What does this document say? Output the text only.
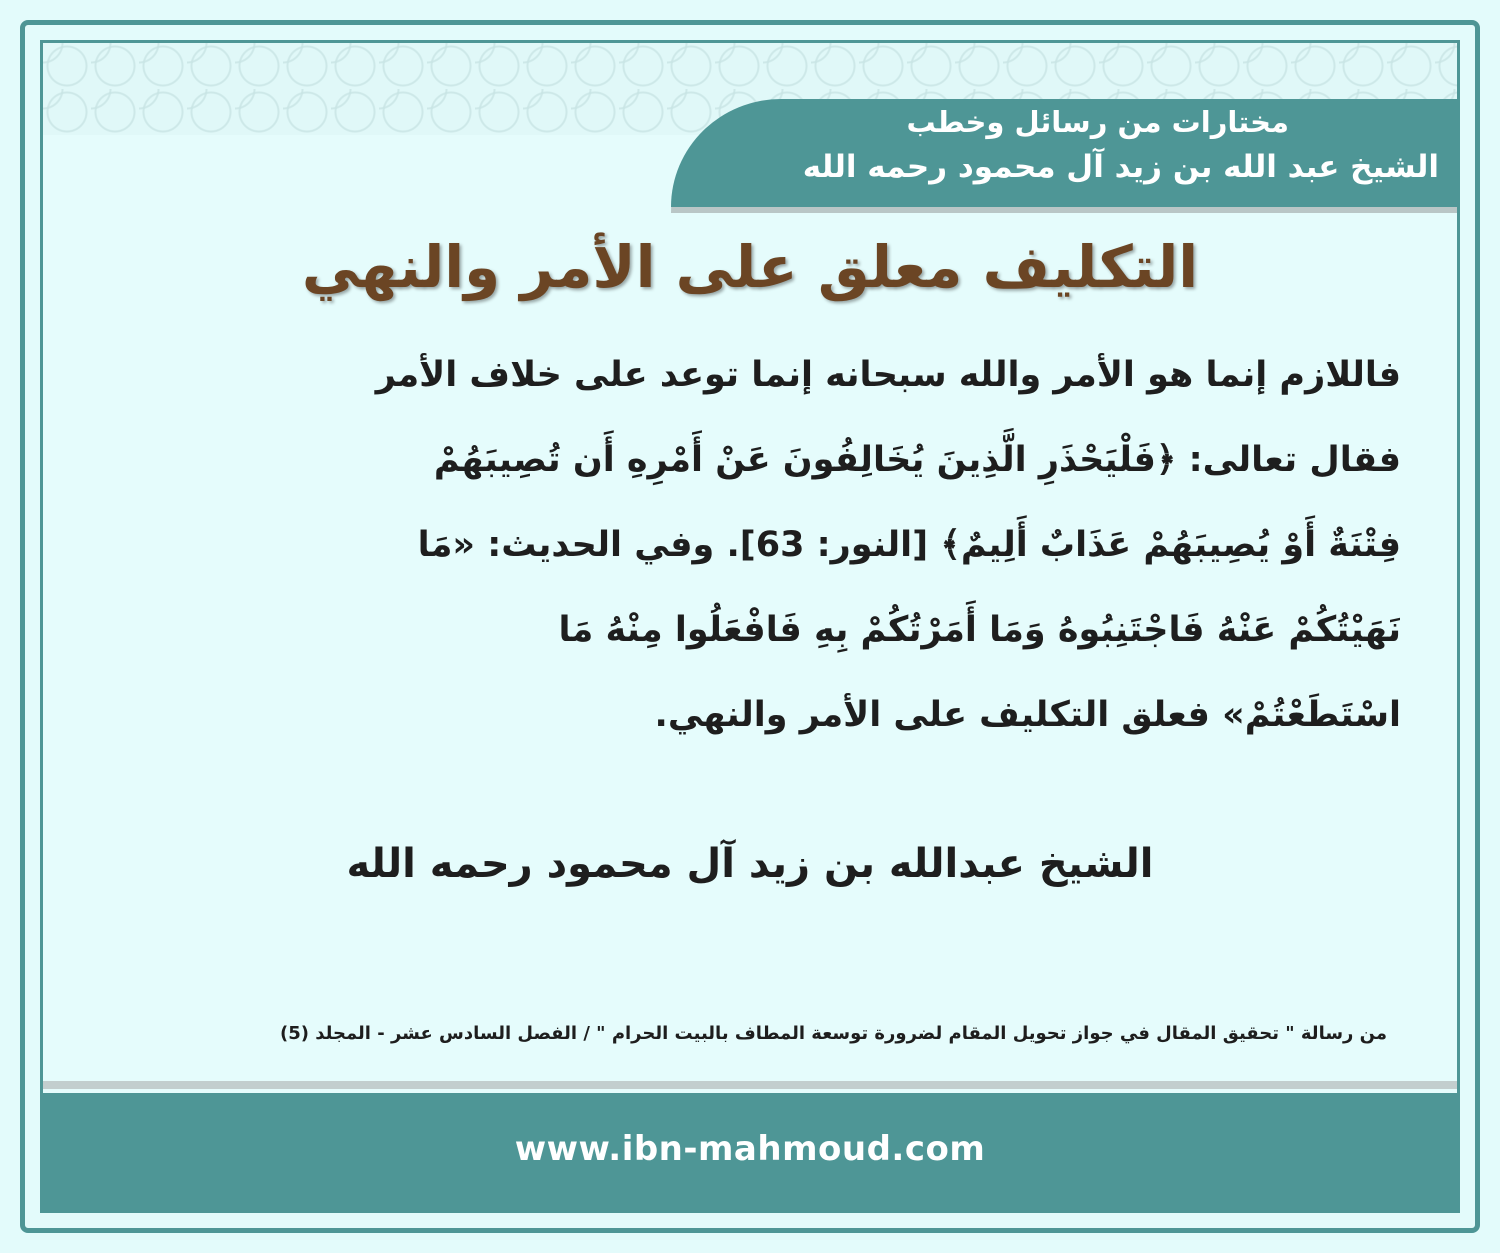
مختارات من رسائل وخطب
الشيخ عبد الله بن زيد آل محمود رحمه الله
التكليف معلق على الأمر والنهي
فاللازم إنما هو الأمر والله سبحانه إنما توعد على خلاف الأمر
فقال تعالى: ﴿فَلْيَحْذَرِ الَّذِينَ يُخَالِفُونَ عَنْ أَمْرِهِ أَن تُصِيبَهُمْ
فِتْنَةٌ أَوْ يُصِيبَهُمْ عَذَابٌ أَلِيمٌ﴾ [النور: 63]. وفي الحديث: «مَا
نَهَيْتُكُمْ عَنْهُ فَاجْتَنِبُوهُ وَمَا أَمَرْتُكُمْ بِهِ فَافْعَلُوا مِنْهُ مَا
اسْتَطَعْتُمْ» فعلق التكليف على الأمر والنهي.
الشيخ عبدالله بن زيد آل محمود رحمه الله
من رسالة " تحقيق المقال في جواز تحويل المقام لضرورة توسعة المطاف بالبيت الحرام " / الفصل السادس عشر - المجلد (5)
www.ibn-mahmoud.com
